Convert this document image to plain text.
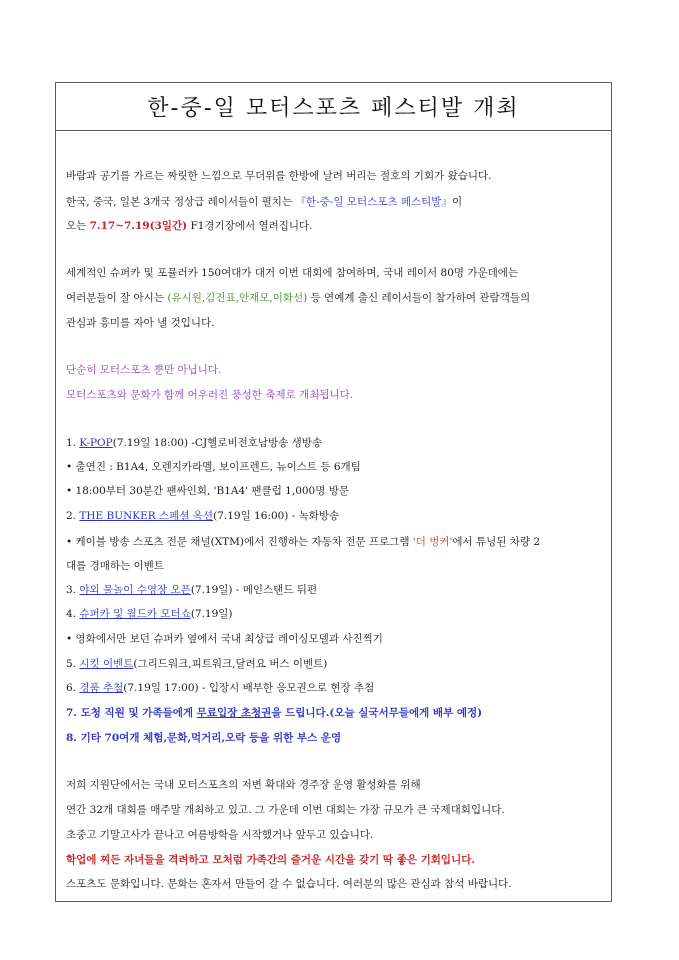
한-중-일 모터스포츠 페스티발 개최
바람과 공기를 가르는 짜릿한 느낌으로 무더위를 한방에 날려 버리는 절호의 기회가 왔습니다.
한국, 중국, 일본 3개국 정상급 레이서들이 펼치는 『한-중-일 모터스포츠 페스티발』이
오는 7.17~7.19(3일간) F1경기장에서 열려집니다.
세계적인 슈퍼카 및 포뮬러카 150여대가 대거 이번 대회에 참여하며, 국내 레이서 80명 가운데에는
여러분들이 잘 아시는 (유시원,김진표,안재모,이화선) 등 연예계 출신 레이서들이 참가하여 관람객들의
관심과 흥미를 자아 낼 것입니다.
단순히 모터스포츠 뿐만 아닙니다.
모터스포츠와 문화가 함께 어우러진 풍성한 축제로 개최됩니다.
1. K-POP(7.19일 18:00) -CJ헬로비전호남방송 생방송
• 출연진 : B1A4, 오렌지카라멜, 보이프렌드, 뉴이스트 등 6개팀
• 18:00부터 30분간 팬싸인회, 'B1A4' 팬클럽 1,000명 방문
2. THE BUNKER 스페셜 옥션(7.19일 16:00) - 녹화방송
• 케이블 방송 스포츠 전문 채널(XTM)에서 진행하는 자동차 전문 프로그램 '더 벙커'에서 튜닝된 차량 2
대를 경매하는 이벤트
3. 야외 물놀이 수영장 오픈(7.19일) - 메인스탠드 뒤편
4. 슈퍼카 및 월드카 모터쇼(7.19일)
• 영화에서만 보던 슈퍼카 옆에서 국내 최상급 레이싱모델과 사진찍기
5. 시킷 이벤트(그리드워크,피트워크,달려요 버스 이벤트)
6. 경품 추첨(7.19일 17:00) - 입장시 배부한 응모권으로 현장 추첨
7. 도청 직원 및 가족들에게 무료입장 초청권을 드립니다.(오늘 실국서무들에게 배부 예정)
8. 기타 70여개 체험,문화,먹거리,오락 등을 위한 부스 운영
저희 지원단에서는 국내 모터스포츠의 저변 확대와 경주장 운영 활성화를 위해
연간 32개 대회를 매주말 개최하고 있고. 그 가운데 이번 대회는 가장 규모가 큰 국제대회입니다.
초중고 기말고사가 끝나고 여름방학을 시작했거나 앞두고 있습니다.
학업에 찌든 자녀들을 격려하고 모처럼 가족간의 즐거운 시간을 갖기 딱 좋은 기회입니다.
스포츠도 문화입니다. 문화는 혼자서 만들어 갈 수 없습니다. 여러분의 많은 관심과 참석 바랍니다.
